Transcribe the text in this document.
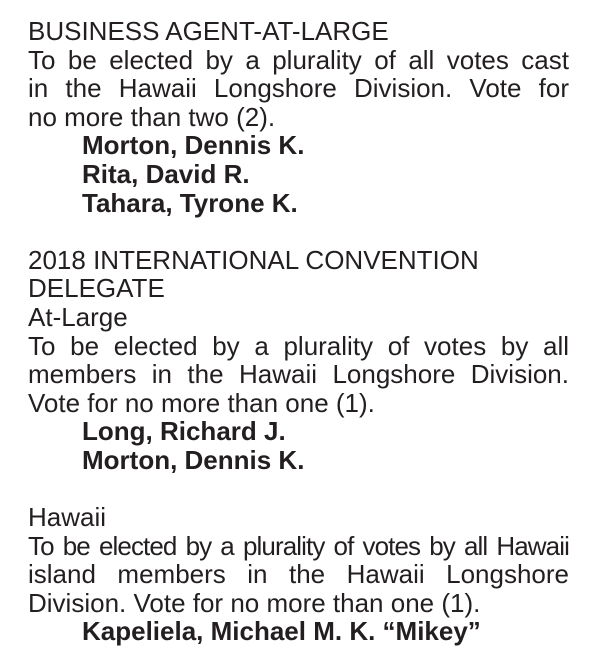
BUSINESS AGENT-AT-LARGE
To be elected by a plurality of all votes cast
in the Hawaii Longshore Division. Vote for
no more than two (2).
Morton, Dennis K.
Rita, David R.
Tahara, Tyrone K.
2018 INTERNATIONAL CONVENTION
DELEGATE
At-Large
To be elected by a plurality of votes by all
members in the Hawaii Longshore Division.
Vote for no more than one (1).
Long, Richard J.
Morton, Dennis K.
Hawaii
To be elected by a plurality of votes by all Hawaii
island members in the Hawaii Longshore
Division. Vote for no more than one (1).
Kapeliela, Michael M. K. “Mikey”
